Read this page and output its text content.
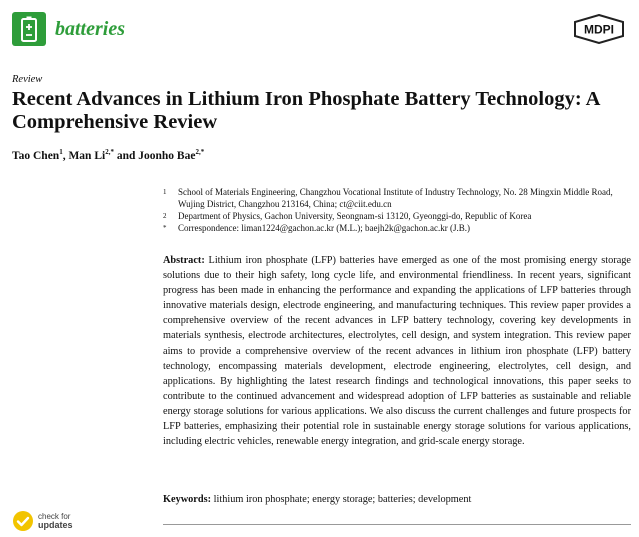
batteries	MDPI
Review
Recent Advances in Lithium Iron Phosphate Battery Technology: A Comprehensive Review
Tao Chen$^1$, Man $Li^{2,*}$ and Joonho Bae$^{2,*}$
1	School of Materials Engineering, Changzhou Vocational Institute of Industry Technology, No. 28 Mingxin Middle Road, Wujing District, Changzhou 213164, China; ct@ciit.edu.cn
2	Department of Physics, Gachon University, Seongnam-si 13120, Gyeonggi-do, Republic of Korea
*	Correspondence: liman1224@gachon.ac.kr (M.L.); baejh2k@gachon.ac.kr (J.B.)

Abstract: Lithium iron phosphate (LFP) batteries have emerged as one of the most promising energy storage solutions due to their high safety, long cycle life, and environmental friendliness. In recent years, significant progress has been made in enhancing the performance and expanding the applications of LFP batteries through innovative materials design, electrode engineering, and manufacturing techniques. This review paper provides a comprehensive overview of the recent advances in LFP battery technology, covering key developments in materials synthesis, electrode architectures, electrolytes, cell design, and system integration. This review paper aims to provide a comprehensive overview of the recent advances in lithium iron phosphate (LFP) battery technology, encompassing materials development, electrode engineering, electrolytes, cell design, and applications. By highlighting the latest research findings and technological innovations, this paper seeks to contribute to the continued advancement and widespread adoption of LFP batteries as sustainable and reliable energy storage solutions for various applications. We also discuss the current challenges and future prospects for LFP batteries, emphasizing their potential role in sustainable energy storage solutions for various applications, including electric vehicles, renewable energy integration, and grid-scale energy storage.

Keywords: lithium iron phosphate; energy storage; batteries; development
check for
updates
